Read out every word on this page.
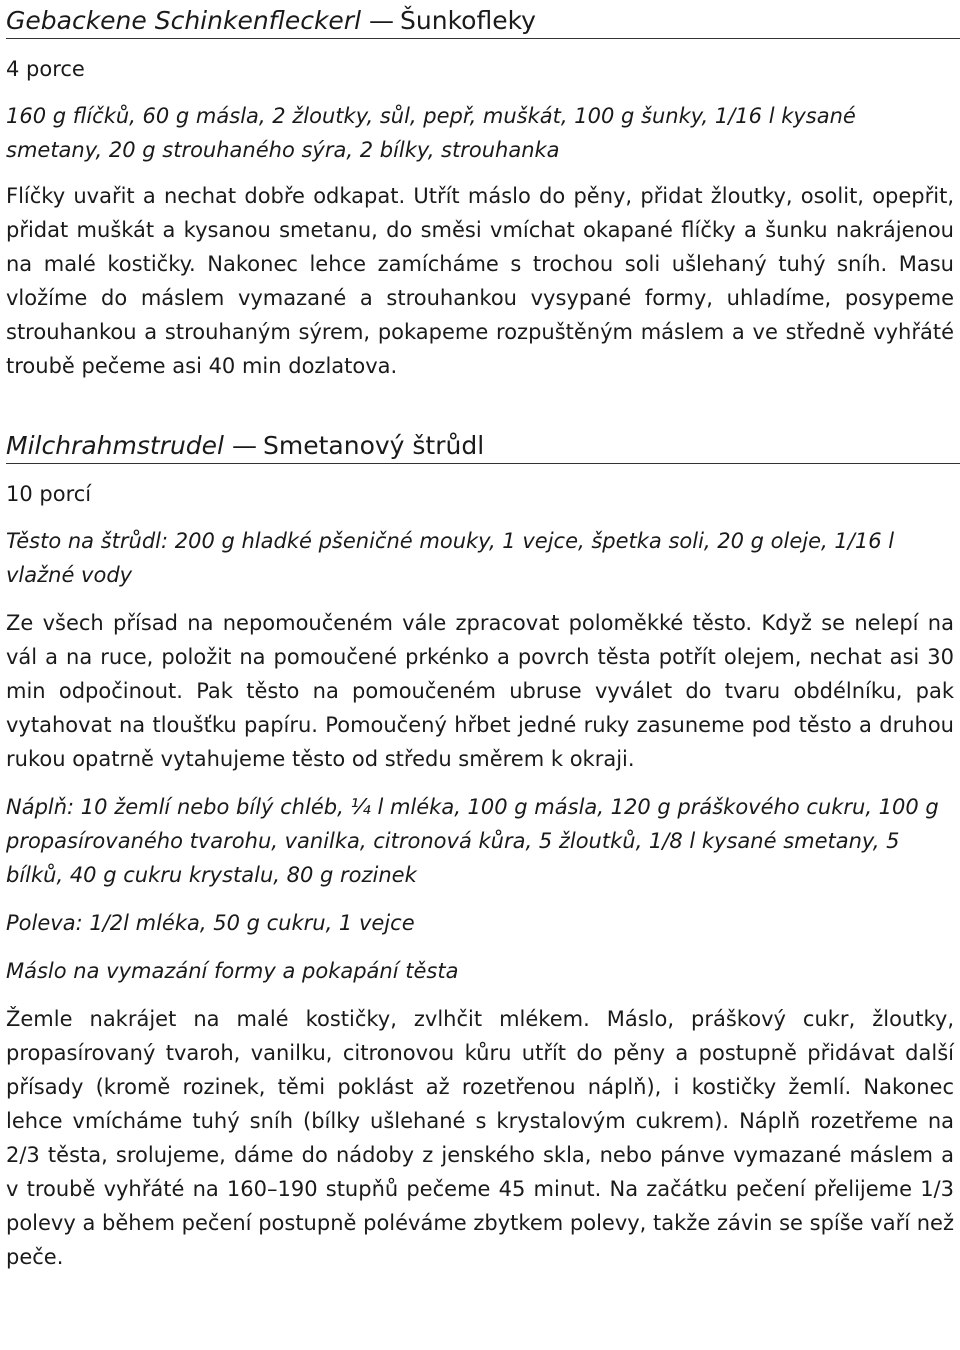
Gebackene Schinkenfleckerl — Šunkofleky
4 porce
160 g flíčků, 60 g másla, 2 žloutky, sůl, pepř, muškát, 100 g šunky, 1/16 l kysané smetany, 20 g strouhaného sýra, 2 bílky, strouhanka
Flíčky uvařit a nechat dobře odkapat. Utřít máslo do pěny, přidat žloutky, osolit, opepřit, přidat muškát a kysanou smetanu, do směsi vmíchat okapané flíčky a šunku nakrájenou na malé kostičky. Nakonec lehce zamícháme s trochou soli ušlehaný tuhý sníh. Masu vložíme do máslem vymazané a strouhankou vysypané formy, uhladíme, posypeme strouhankou a strouhaným sýrem, pokapeme rozpuštěným máslem a ve středně vyhřáté troubě pečeme asi 40 min dozlatova.
Milchrahmstrudel — Smetanový štrůdl
10 porcí
Těsto na štrůdl: 200 g hladké pšeničné mouky, 1 vejce, špetka soli, 20 g oleje, 1/16 l vlažné vody
Ze všech přísad na nepomoučeném vále zpracovat poloměkké těsto. Když se nelepí na vál a na ruce, položit na pomoučené prkénko a povrch těsta potřít olejem, nechat asi 30 min odpočinout. Pak těsto na pomoučeném ubruse vyválet do tvaru obdélníku, pak vytahovat na tloušťku papíru. Pomoučený hřbet jedné ruky zasuneme pod těsto a druhou rukou opatrně vytahujeme těsto od středu směrem k okraji.
Náplň: 10 žemlí nebo bílý chléb, ¼ l mléka, 100 g másla, 120 g práškového cukru, 100 g propasírovaného tvarohu, vanilka, citronová kůra, 5 žloutků, 1/8 l kysané smetany, 5 bílků, 40 g cukru krystalu, 80 g rozinek
Poleva: 1/2l mléka, 50 g cukru, 1 vejce
Máslo na vymazání formy a pokapání těsta
Žemle nakrájet na malé kostičky, zvlhčit mlékem. Máslo, práškový cukr, žloutky, propasírovaný tvaroh, vanilku, citronovou kůru utřít do pěny a postupně přidávat další přísady (kromě rozinek, těmi poklást až rozetřenou náplň), i kostičky žemlí. Nakonec lehce vmícháme tuhý sníh (bílky ušlehané s krystalovým cukrem). Náplň rozetřeme na 2/3 těsta, srolujeme, dáme do nádoby z jenského skla, nebo pánve vymazané máslem a v troubě vyhřáté na 160–190 stupňů pečeme 45 minut. Na začátku pečení přelijeme 1/3 polevy a během pečení postupně poléváme zbytkem polevy, takže závin se spíše vaří než peče.
